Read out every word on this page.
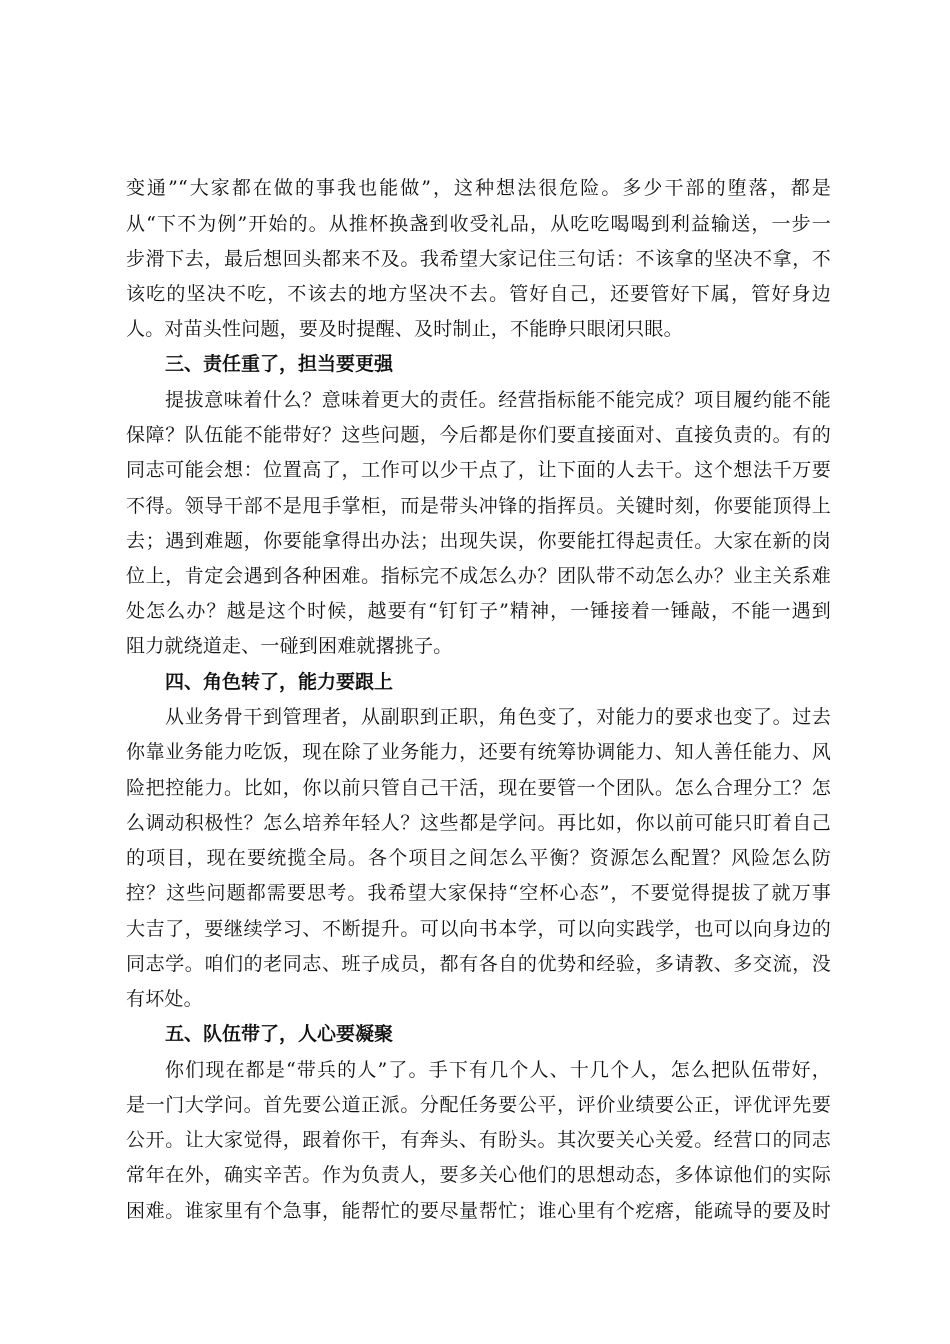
变通”“大家都在做的事我也能做”，这种想法很危险。多少干部的堕落，都是
从“下不为例”开始的。从推杯换盏到收受礼品，从吃吃喝喝到利益输送，一步一
步滑下去，最后想回头都来不及。我希望大家记住三句话：不该拿的坚决不拿，不
该吃的坚决不吃，不该去的地方坚决不去。管好自己，还要管好下属，管好身边
人。对苗头性问题，要及时提醒、及时制止，不能睁只眼闭只眼。
三、责任重了，担当要更强
提拔意味着什么？意味着更大的责任。经营指标能不能完成？项目履约能不能
保障？队伍能不能带好？这些问题，今后都是你们要直接面对、直接负责的。有的
同志可能会想：位置高了，工作可以少干点了，让下面的人去干。这个想法千万要
不得。领导干部不是甩手掌柜，而是带头冲锋的指挥员。关键时刻，你要能顶得上
去；遇到难题，你要能拿得出办法；出现失误，你要能扛得起责任。大家在新的岗
位上，肯定会遇到各种困难。指标完不成怎么办？团队带不动怎么办？业主关系难
处怎么办？越是这个时候，越要有“钉钉子”精神，一锤接着一锤敲，不能一遇到
阻力就绕道走、一碰到困难就撂挑子。
四、角色转了，能力要跟上
从业务骨干到管理者，从副职到正职，角色变了，对能力的要求也变了。过去
你靠业务能力吃饭，现在除了业务能力，还要有统筹协调能力、知人善任能力、风
险把控能力。比如，你以前只管自己干活，现在要管一个团队。怎么合理分工？怎
么调动积极性？怎么培养年轻人？这些都是学问。再比如，你以前可能只盯着自己
的项目，现在要统揽全局。各个项目之间怎么平衡？资源怎么配置？风险怎么防
控？这些问题都需要思考。我希望大家保持“空杯心态”，不要觉得提拔了就万事
大吉了，要继续学习、不断提升。可以向书本学，可以向实践学，也可以向身边的
同志学。咱们的老同志、班子成员，都有各自的优势和经验，多请教、多交流，没
有坏处。
五、队伍带了，人心要凝聚
你们现在都是“带兵的人”了。手下有几个人、十几个人，怎么把队伍带好，
是一门大学问。首先要公道正派。分配任务要公平，评价业绩要公正，评优评先要
公开。让大家觉得，跟着你干，有奔头、有盼头。其次要关心关爱。经营口的同志
常年在外，确实辛苦。作为负责人，要多关心他们的思想动态，多体谅他们的实际
困难。谁家里有个急事，能帮忙的要尽量帮忙；谁心里有个疙瘩，能疏导的要及时
